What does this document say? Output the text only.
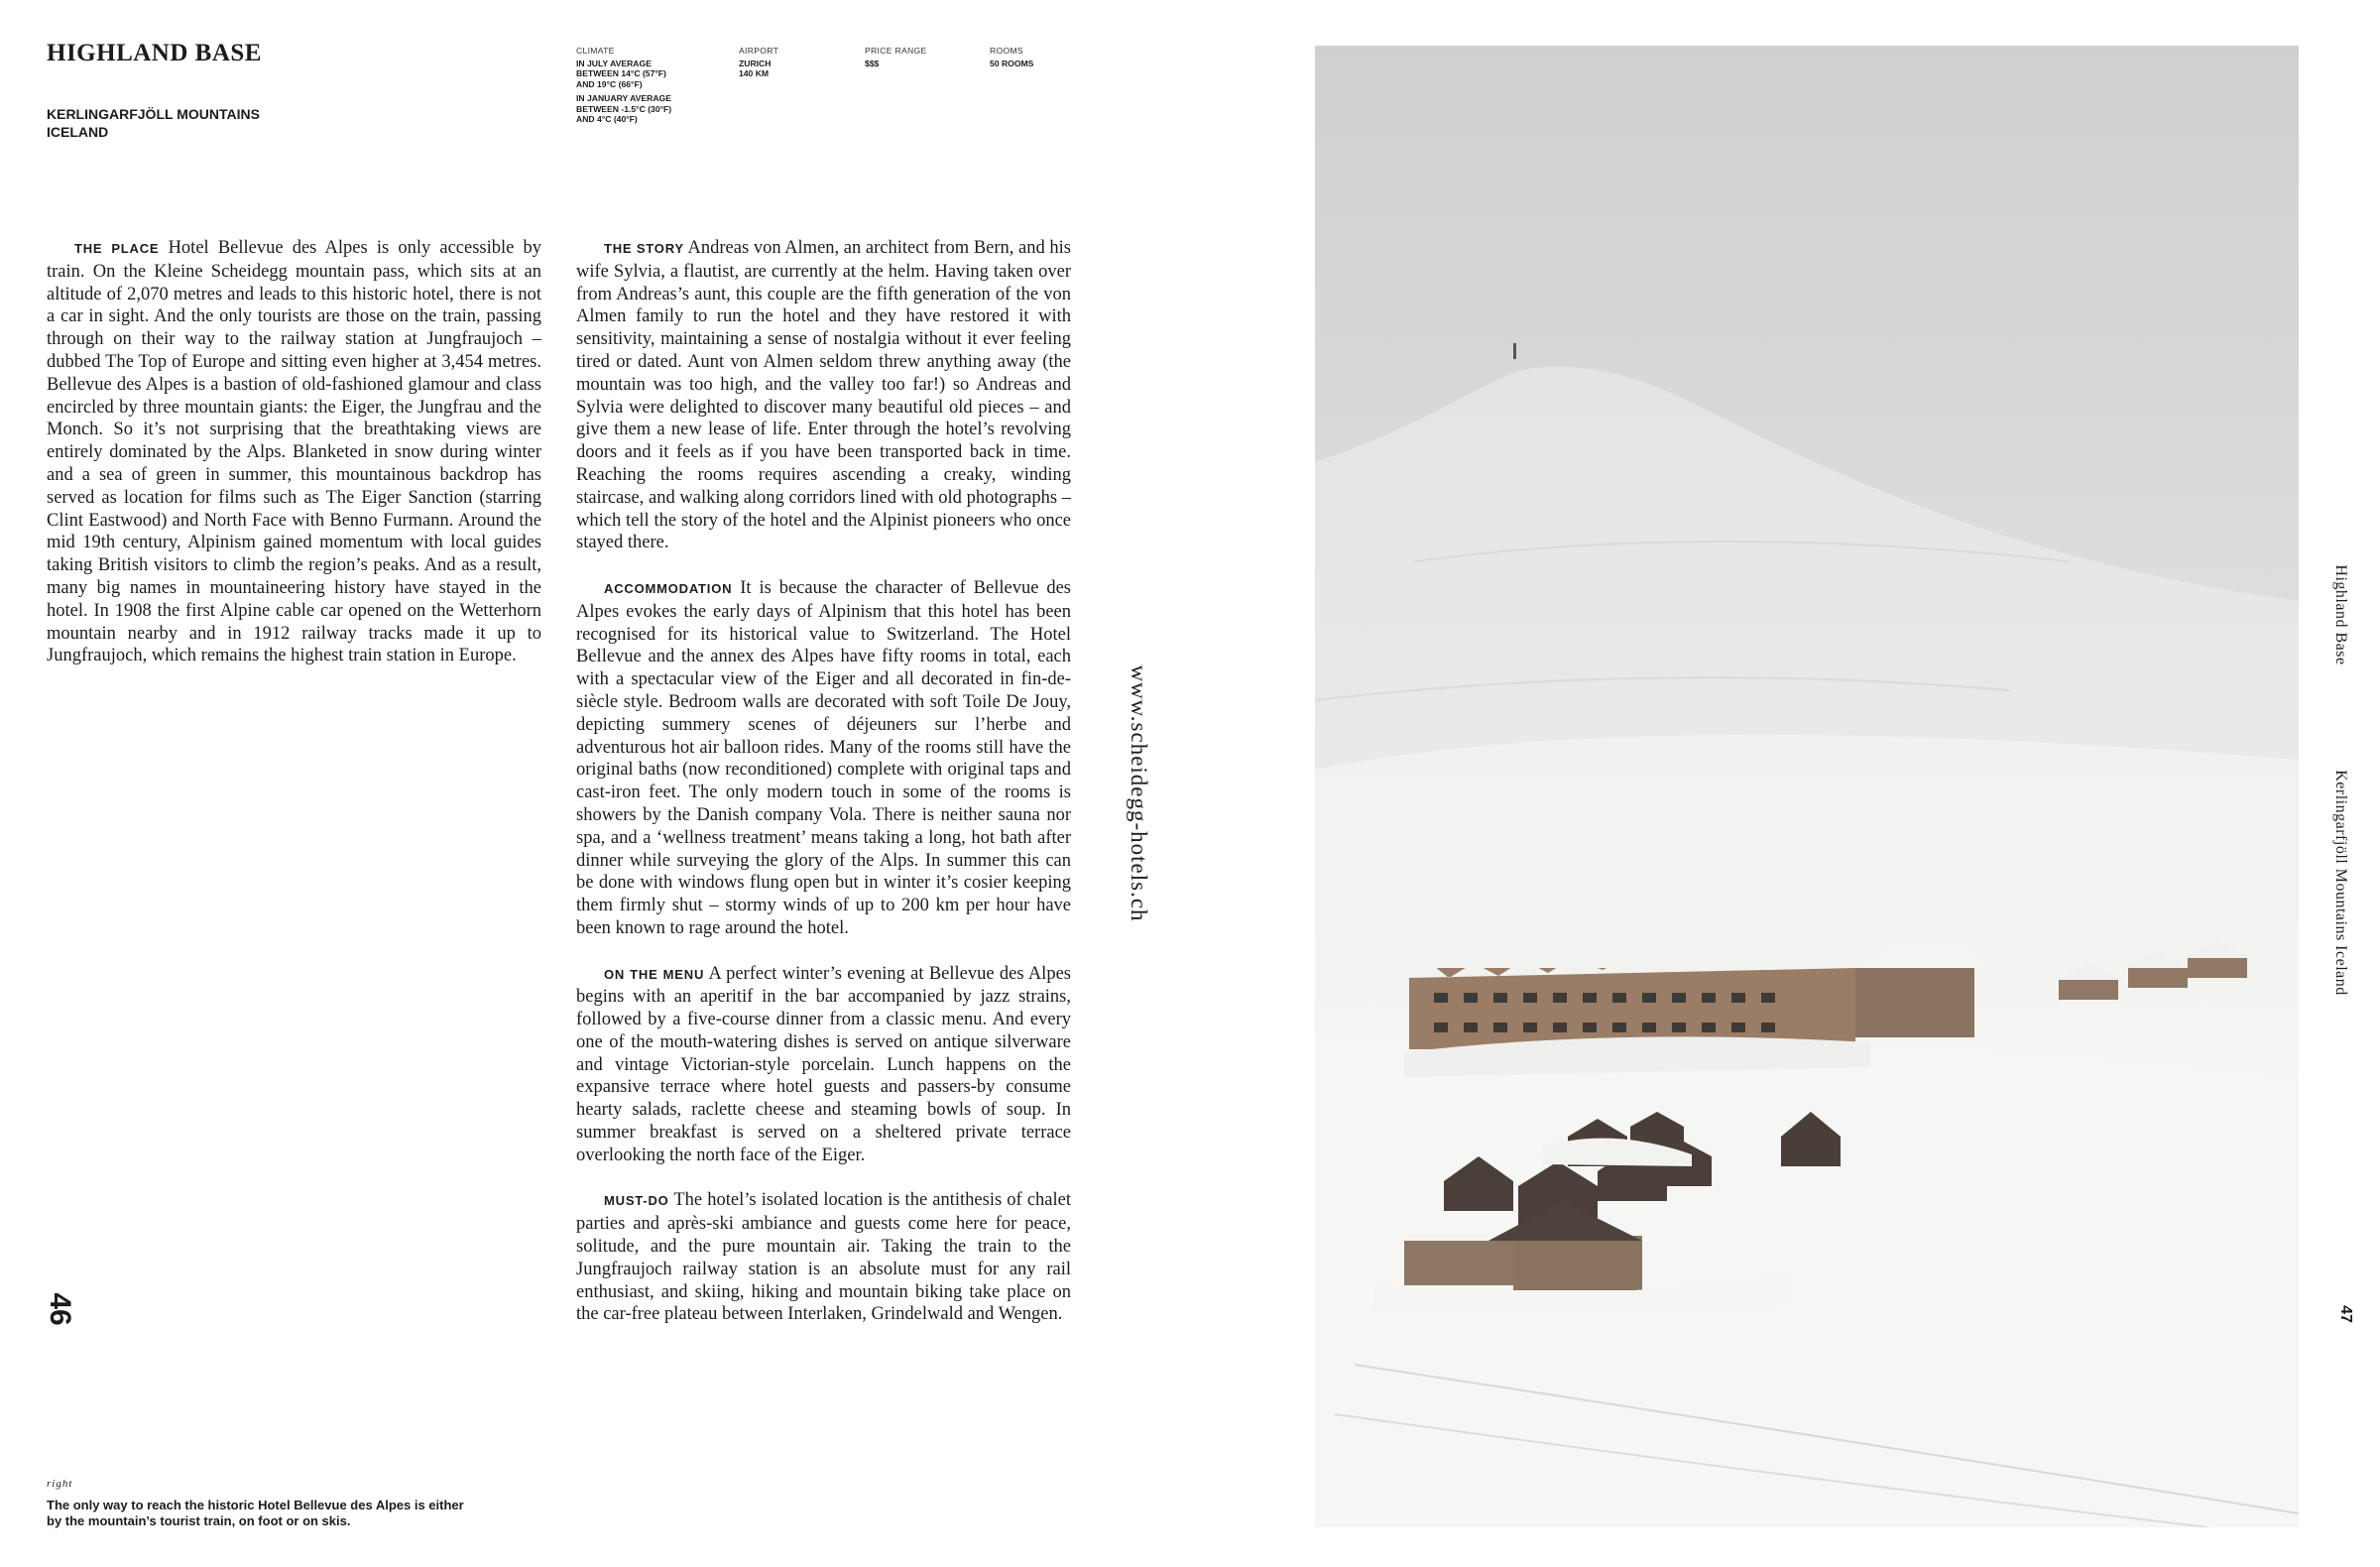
HIGHLAND BASE
KERLINGARFJÖLL MOUNTAINS
ICELAND
CLIMATE
IN JULY AVERAGE
BETWEEN 14°C (57°F)
AND 19°C (66°F)
IN JANUARY AVERAGE
BETWEEN -1.5°C (30°F)
AND 4°C (40°F)
AIRPORT
ZURICH
140 KM
PRICE RANGE
$$$
ROOMS
50 ROOMS

THE PLACE Hotel Bellevue des Alpes is only accessible by train. On the Kleine Scheidegg mountain pass, which sits at an altitude of 2,070 metres and leads to this historic hotel, there is not a car in sight. And the only tourists are those on the train, passing through on their way to the railway station at Jungfraujoch – dubbed The Top of Europe and sitting even higher at 3,454 metres. Bellevue des Alpes is a bastion of old-fashioned glamour and class encircled by three mountain giants: the Eiger, the Jungfrau and the Monch. So it’s not surprising that the breathtaking views are entirely dominated by the Alps. Blanketed in snow during winter and a sea of green in summer, this mountainous backdrop has served as location for films such as The Eiger Sanction (starring Clint Eastwood) and North Face with Benno Furmann. Around the mid 19th century, Alpinism gained momentum with local guides taking British visitors to climb the region’s peaks. And as a result, many big names in mountaineering history have stayed in the hotel. In 1908 the first Alpine cable car opened on the Wetterhorn mountain nearby and in 1912 railway tracks made it up to Jungfraujoch, which remains the highest train station in Europe.

THE STORY Andreas von Almen, an architect from Bern, and his wife Sylvia, a flautist, are currently at the helm. Having taken over from Andreas’s aunt, this couple are the fifth generation of the von Almen family to run the hotel and they have restored it with sensitivity, maintaining a sense of nostalgia without it ever feeling tired or dated. Aunt von Almen seldom threw anything away (the mountain was too high, and the valley too far!) so Andreas and Sylvia were delighted to discover many beautiful old pieces – and give them a new lease of life. Enter through the hotel’s revolving doors and it feels as if you have been transported back in time. Reaching the rooms requires ascending a creaky, winding staircase, and walking along corridors lined with old photographs – which tell the story of the hotel and the Alpinist pioneers who once stayed there.

ACCOMMODATION It is because the character of Bellevue des Alpes evokes the early days of Alpinism that this hotel has been recognised for its historical value to Switzerland. The Hotel Bellevue and the annex des Alpes have fifty rooms in total, each with a spectacular view of the Eiger and all decorated in fin-de-siècle style. Bedroom walls are decorated with soft Toile De Jouy, depicting summery scenes of déjeuners sur l’herbe and adventurous hot air balloon rides. Many of the rooms still have the original baths (now reconditioned) complete with original taps and cast-iron feet. The only modern touch in some of the rooms is showers by the Danish company Vola. There is neither sauna nor spa, and a ‘wellness treatment’ means taking a long, hot bath after dinner while surveying the glory of the Alps. In summer this can be done with windows flung open but in winter it’s cosier keeping them firmly shut – stormy winds of up to 200 km per hour have been known to rage around the hotel.

ON THE MENU A perfect winter’s evening at Bellevue des Alpes begins with an aperitif in the bar accompanied by jazz strains, followed by a five-course dinner from a classic menu. And every one of the mouth-watering dishes is served on antique silverware and vintage Victorian-style porcelain. Lunch happens on the expansive terrace where hotel guests and passers-by consume hearty salads, raclette cheese and steaming bowls of soup. In summer breakfast is served on a sheltered private terrace overlooking the north face of the Eiger.

MUST-DO The hotel’s isolated location is the antithesis of chalet parties and après-ski ambiance and guests come here for peace, solitude, and the pure mountain air. Taking the train to the Jungfraujoch railway station is an absolute must for any rail enthusiast, and skiing, hiking and mountain biking take place on the car-free plateau between Interlaken, Grindelwald and Wengen.

www.scheidegg-hotels.ch
46
right
The only way to reach the historic Hotel Bellevue des Alpes is either by the mountain’s tourist train, on foot or on skis.
Highland Base
Kerlingarfjöll Mountains Iceland
47
